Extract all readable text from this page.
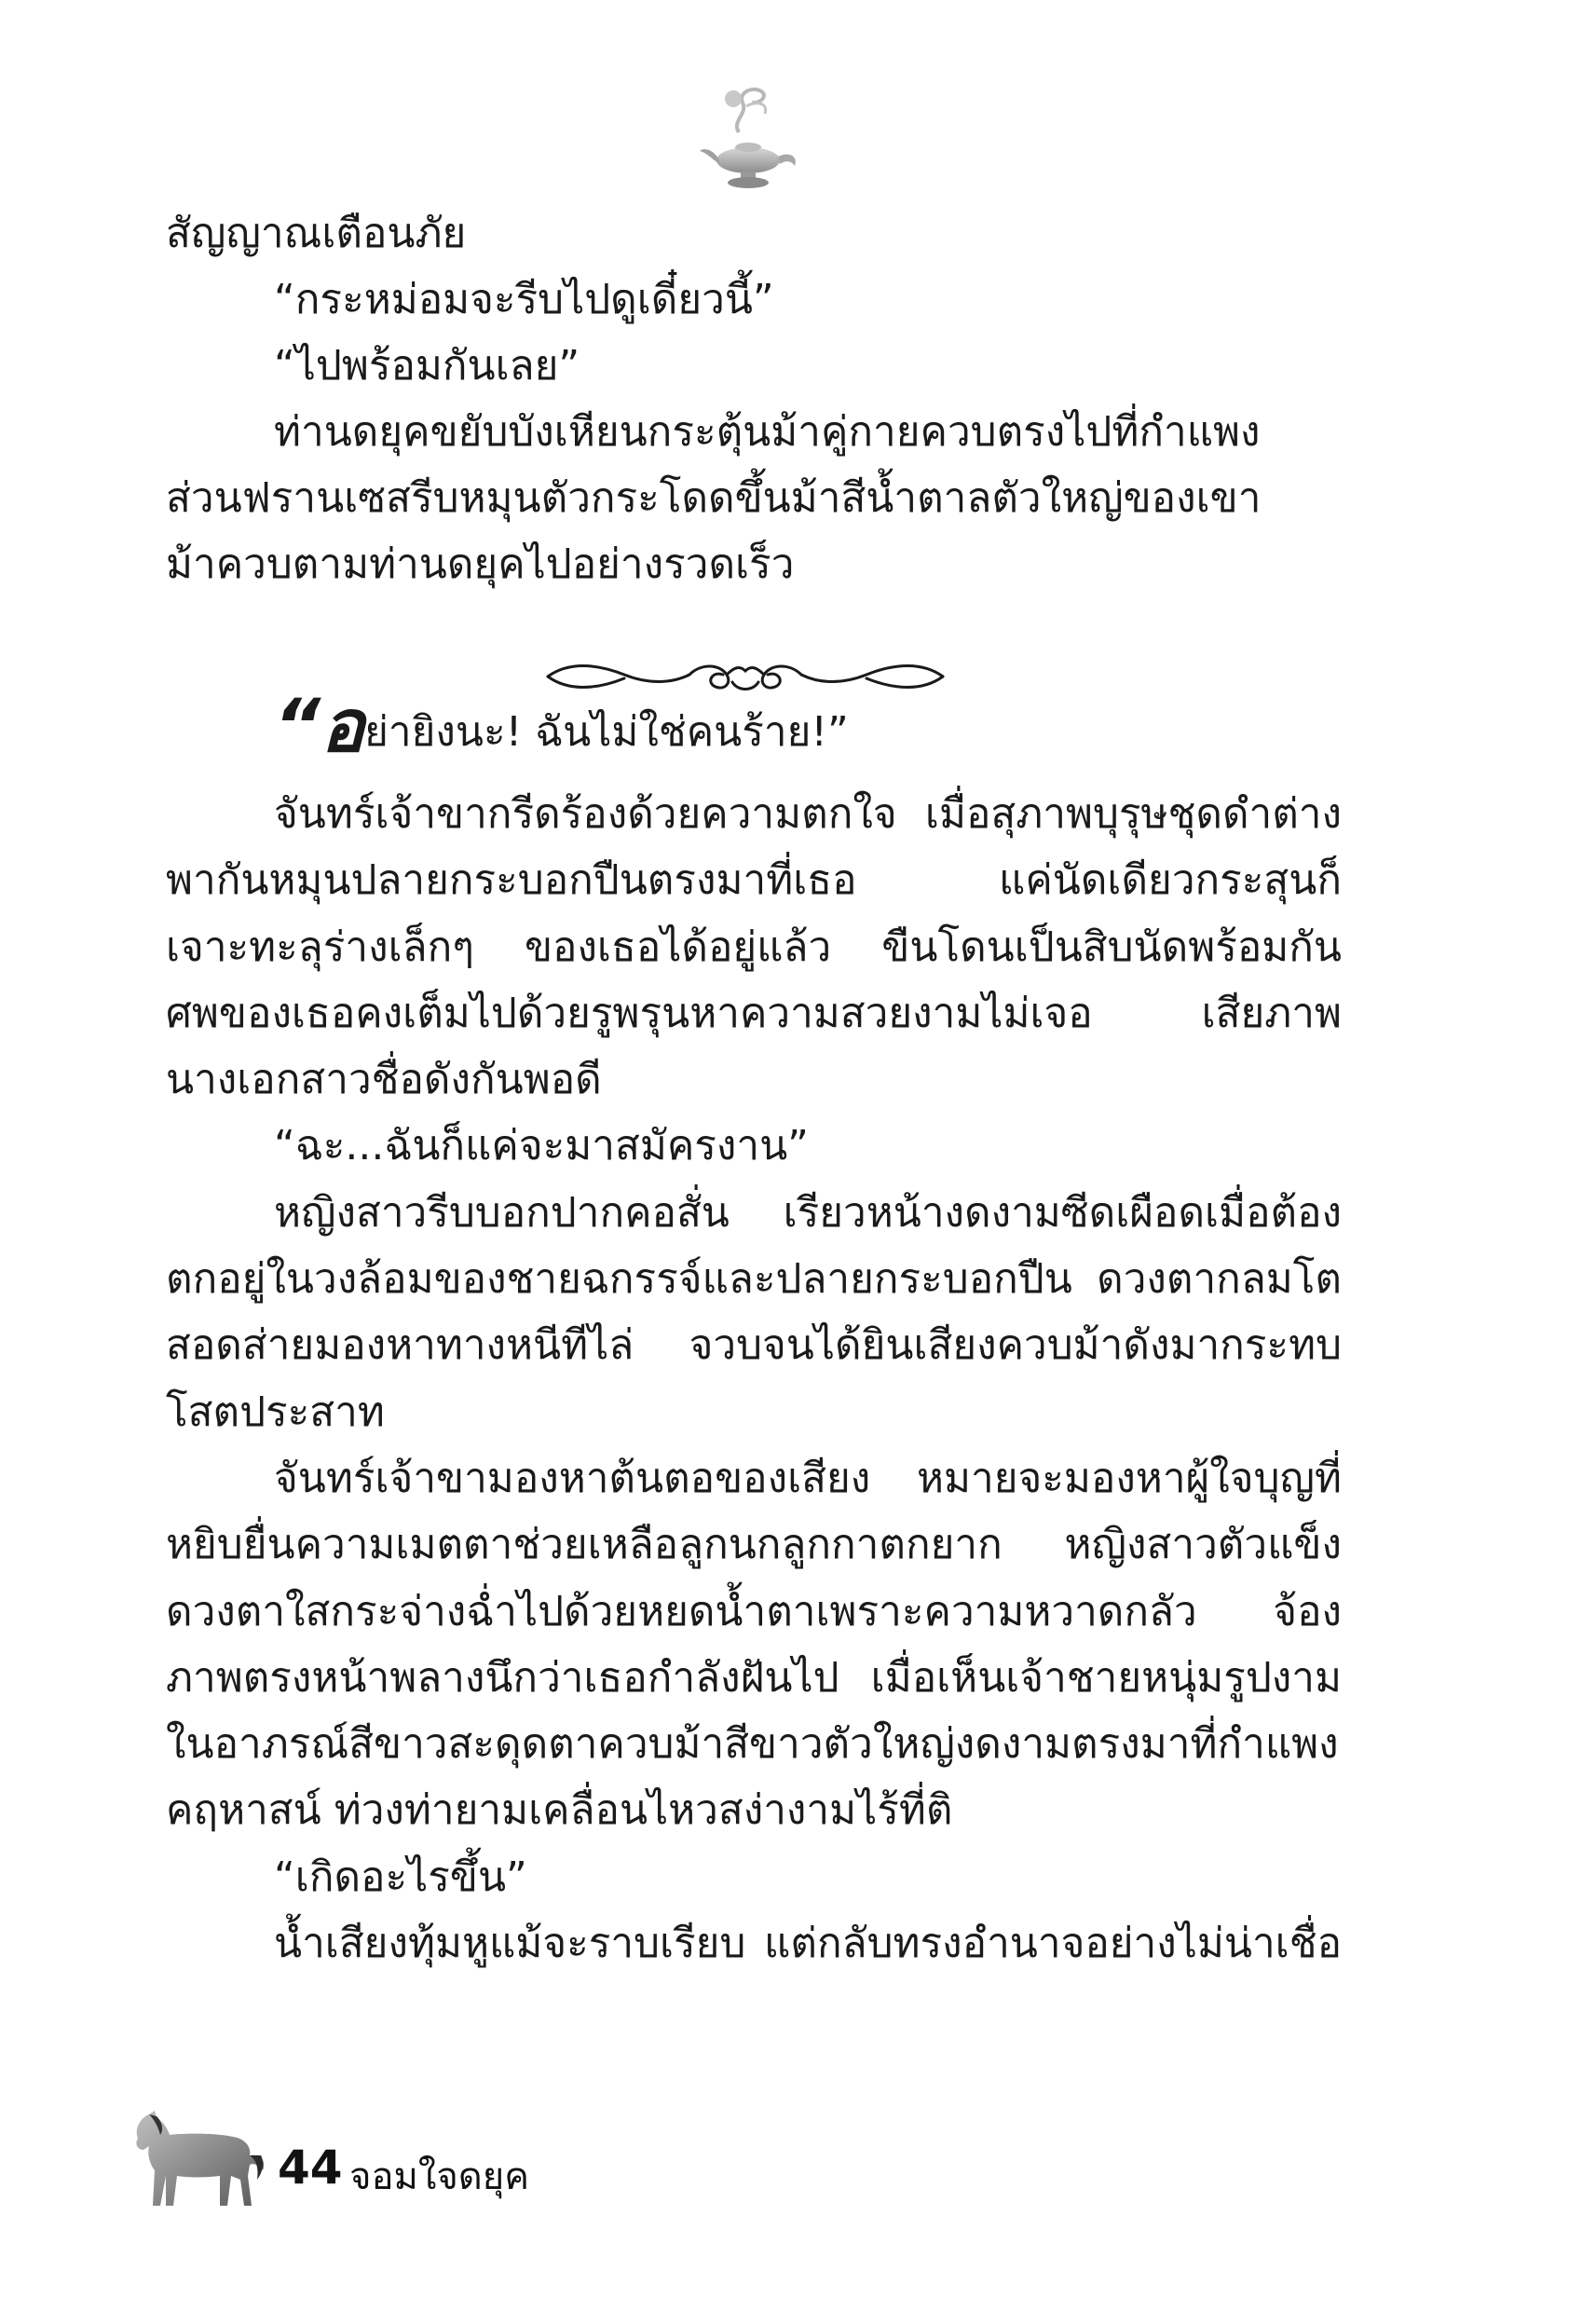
สัญญาณเตือนภัย
“กระหม่อมจะรีบไปดูเดี๋ยวนี้”
“ไปพร้อมกันเลย”
ท่านดยุคขยับบังเหียนกระตุ้นม้าคู่กายควบตรงไปที่กำแพง
ส่วนฟรานเซสรีบหมุนตัวกระโดดขึ้นม้าสีน้ำตาลตัวใหญ่ของเขา
ม้าควบตามท่านดยุคไปอย่างรวดเร็ว
“อย่ายิงนะ! ฉันไม่ใช่คนร้าย!”
จันทร์เจ้าขากรีดร้องด้วยความตกใจ เมื่อสุภาพบุรุษชุดดำต่าง
พากันหมุนปลายกระบอกปืนตรงมาที่เธอ แค่นัดเดียวกระสุนก็
เจาะทะลุร่างเล็กๆ ของเธอได้อยู่แล้ว ขืนโดนเป็นสิบนัดพร้อมกัน
ศพของเธอคงเต็มไปด้วยรูพรุนหาความสวยงามไม่เจอ เสียภาพ
นางเอกสาวชื่อดังกันพอดี
“ฉะ...ฉันก็แค่จะมาสมัครงาน”
หญิงสาวรีบบอกปากคอสั่น เรียวหน้างดงามซีดเผือดเมื่อต้อง
ตกอยู่ในวงล้อมของชายฉกรรจ์และปลายกระบอกปืน ดวงตากลมโต
สอดส่ายมองหาทางหนีทีไล่ จวบจนได้ยินเสียงควบม้าดังมากระทบ
โสตประสาท
จันทร์เจ้าขามองหาต้นตอของเสียง หมายจะมองหาผู้ใจบุญที่
หยิบยื่นความเมตตาช่วยเหลือลูกนกลูกกาตกยาก หญิงสาวตัวแข็ง
ดวงตาใสกระจ่างฉ่ำไปด้วยหยดน้ำตาเพราะความหวาดกลัว จ้อง
ภาพตรงหน้าพลางนึกว่าเธอกำลังฝันไป เมื่อเห็นเจ้าชายหนุ่มรูปงาม
ในอาภรณ์สีขาวสะดุดตาควบม้าสีขาวตัวใหญ่งดงามตรงมาที่กำแพง
คฤหาสน์ ท่วงท่ายามเคลื่อนไหวสง่างามไร้ที่ติ
“เกิดอะไรขึ้น”
น้ำเสียงทุ้มหูแม้จะราบเรียบ แต่กลับทรงอำนาจอย่างไม่น่าเชื่อ
44 จอมใจดยุค
